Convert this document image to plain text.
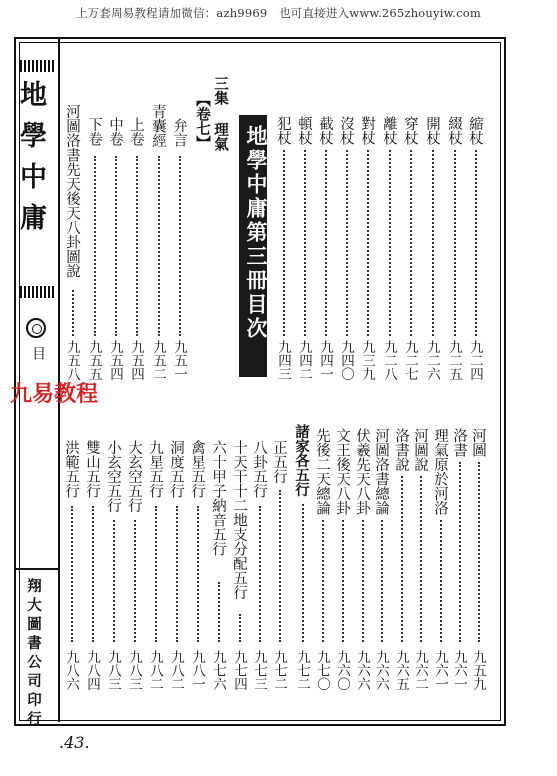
上万套周易教程请加微信：azh9969　也可直接进入www.265zhouyiw.com
地學中庸
目
翔大圖書公司印行
地學中庸第三冊目次
九易教程
.43.
縮杖
九二四
綴杖
九二五
開杖
九二六
穿杖
九二七
離杖
九二八
對杖
九三九
沒杖
九四〇
截杖
九四一
頓杖
九四二
犯杖
九四三
三集
理氣
【卷七】
弁言
九五一
青囊經
九五二
上卷
九五四
中卷
九五四
下卷
九五五
河圖洛書先天後天八卦圖說
九五八
河圖
九五九
洛書
九六一
理氣原於河洛
九六一
河圖說
九六二
洛書說
九六五
河圖洛書總論
九六六
伏羲先天八卦
九六六
文王後天八卦
九六〇
先後二天總論
九七〇
諸家各五行
九七二
正五行
九七二
八卦五行
九七三
十天干十二地支分配五行
九七四
六十甲子納音五行
九七六
禽星五行
九八一
洞度五行
九八二
九星五行
九八二
大玄空五行
九八三
小玄空五行
九八三
雙山五行
九八四
洪範五行
九八六
